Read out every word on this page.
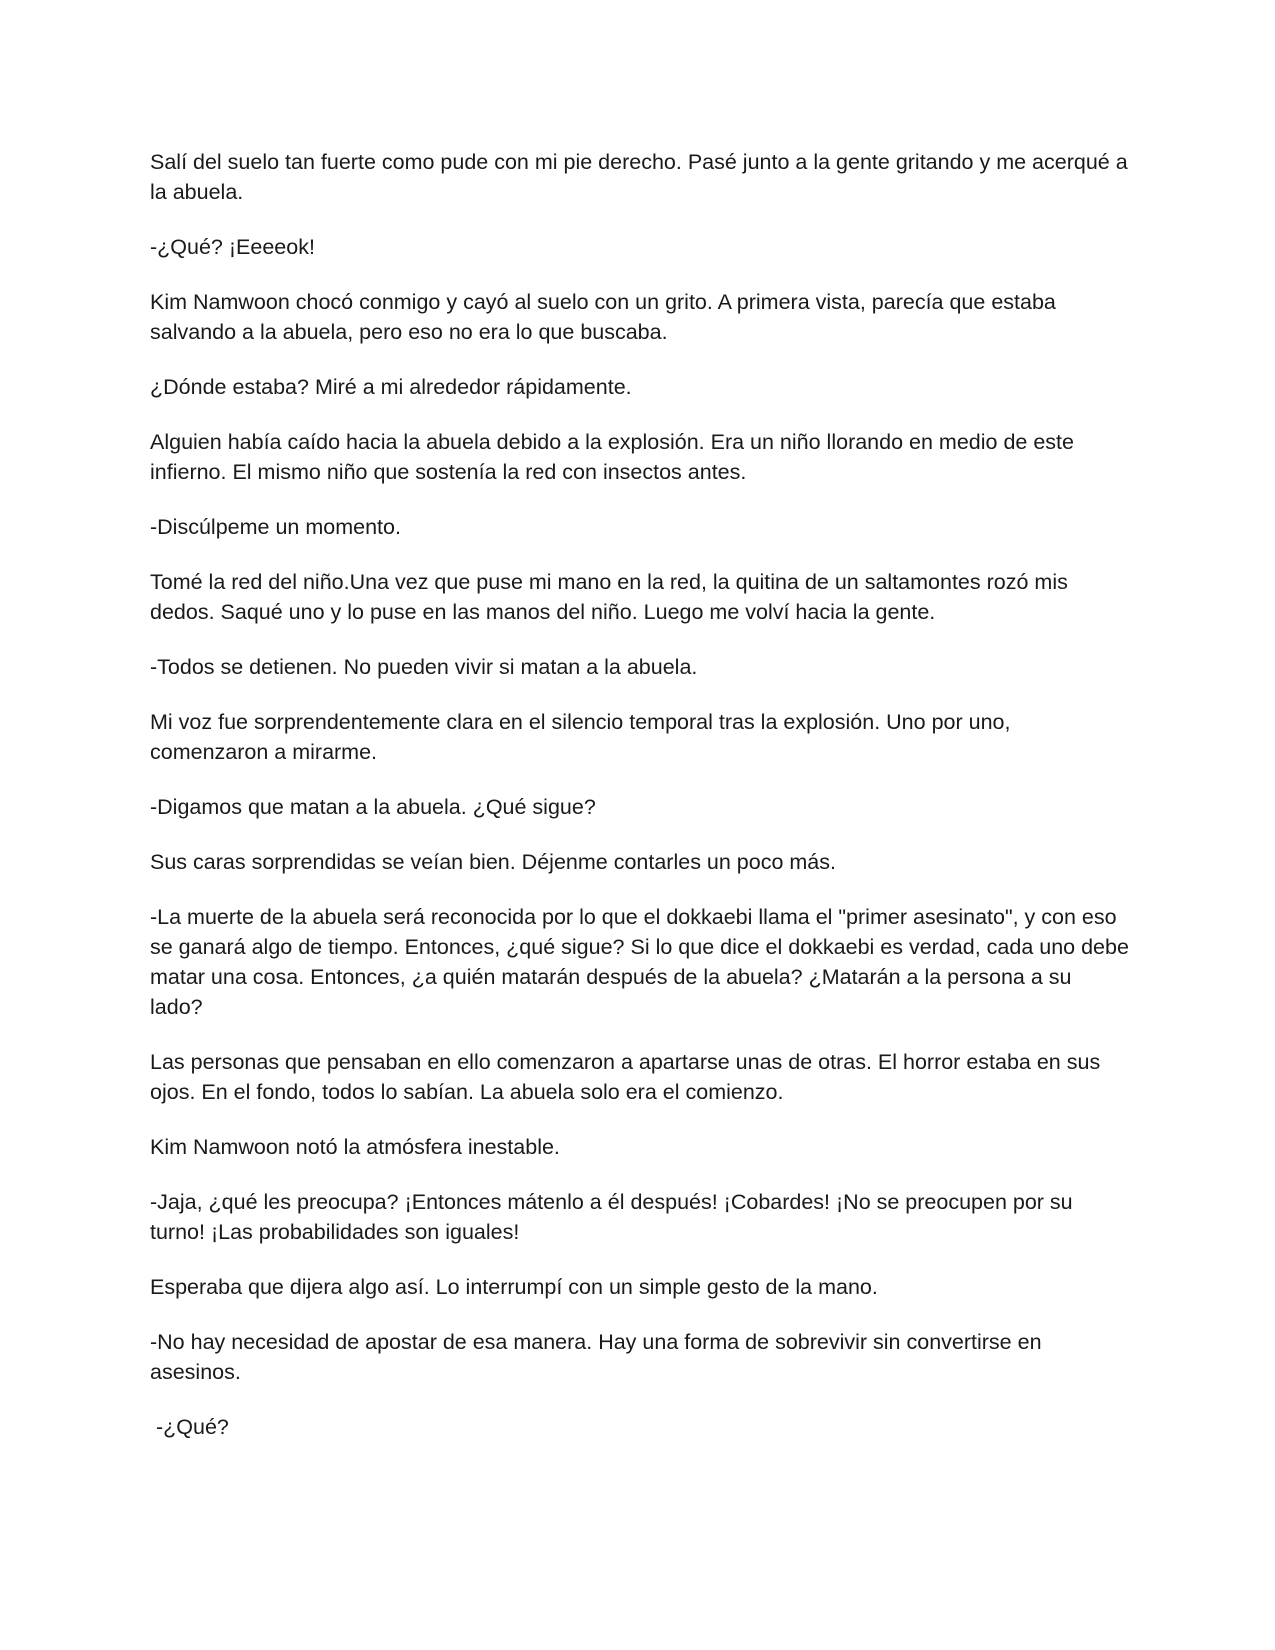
Salí del suelo tan fuerte como pude con mi pie derecho. Pasé junto a la gente gritando y me acerqué a la abuela.

-¿Qué? ¡Eeeeok!

Kim Namwoon chocó conmigo y cayó al suelo con un grito. A primera vista, parecía que estaba salvando a la abuela, pero eso no era lo que buscaba.

¿Dónde estaba? Miré a mi alrededor rápidamente.

Alguien había caído hacia la abuela debido a la explosión. Era un niño llorando en medio de este infierno. El mismo niño que sostenía la red con insectos antes.

-Discúlpeme un momento.

Tomé la red del niño.Una vez que puse mi mano en la red, la quitina de un saltamontes rozó mis dedos. Saqué uno y lo puse en las manos del niño. Luego me volví hacia la gente.

-Todos se detienen. No pueden vivir si matan a la abuela.

Mi voz fue sorprendentemente clara en el silencio temporal tras la explosión. Uno por uno, comenzaron a mirarme.

-Digamos que matan a la abuela. ¿Qué sigue?

Sus caras sorprendidas se veían bien. Déjenme contarles un poco más.

-La muerte de la abuela será reconocida por lo que el dokkaebi llama el "primer asesinato", y con eso se ganará algo de tiempo. Entonces, ¿qué sigue? Si lo que dice el dokkaebi es verdad, cada uno debe matar una cosa. Entonces, ¿a quién matarán después de la abuela? ¿Matarán a la persona a su lado?

Las personas que pensaban en ello comenzaron a apartarse unas de otras. El horror estaba en sus ojos. En el fondo, todos lo sabían. La abuela solo era el comienzo.

Kim Namwoon notó la atmósfera inestable.

-Jaja, ¿qué les preocupa? ¡Entonces mátenlo a él después! ¡Cobardes! ¡No se preocupen por su turno! ¡Las probabilidades son iguales!

Esperaba que dijera algo así. Lo interrumpí con un simple gesto de la mano.

-No hay necesidad de apostar de esa manera. Hay una forma de sobrevivir sin convertirse en asesinos.

-¿Qué?
